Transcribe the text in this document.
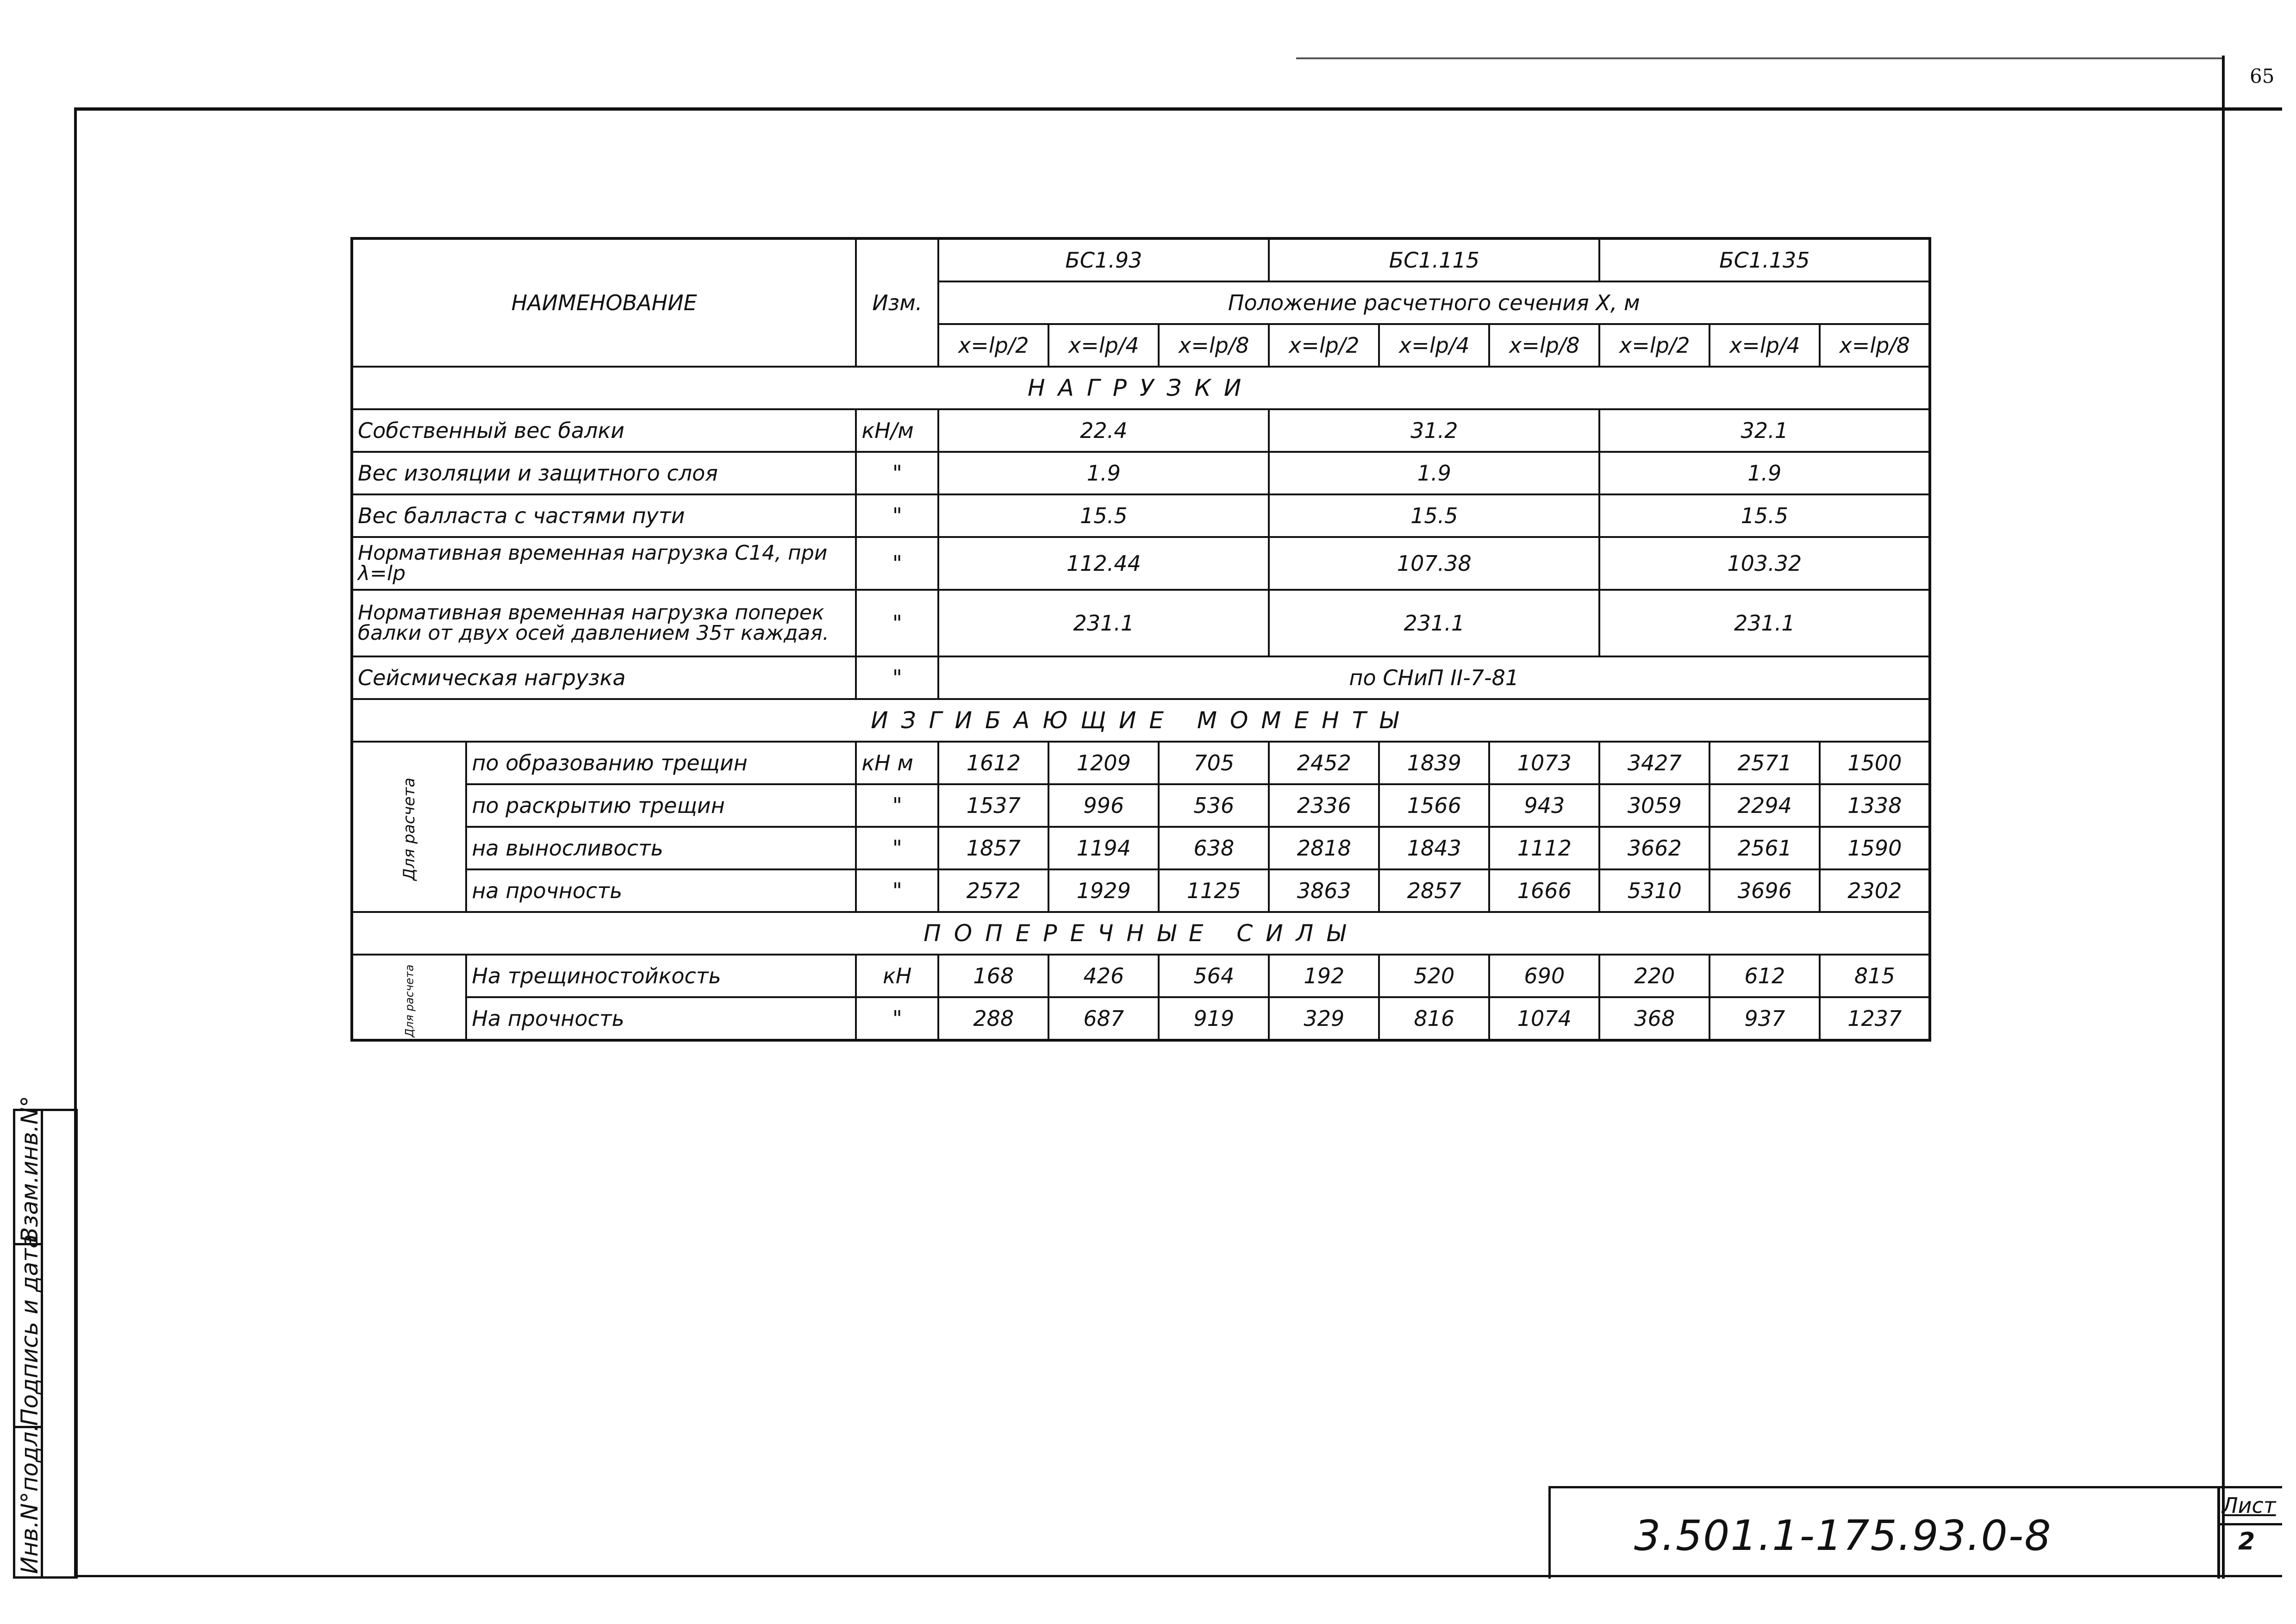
65
Взам.инв.N°
Подпись и дата
Инв.N°подл.
НАИМЕНОВАНИЕ		Изм.	БС1.93			БС1.115			БС1.135		
			Положение расчетного сечения X, м								
			x=lр/2	x=lр/4	x=lр/8	x=lр/2	x=lр/4	x=lр/8	x=lр/2	x=lр/4	x=lр/8
НАГРУЗКИ											
Собственный вес балки		кН/м	22.4			31.2			32.1		
Вес изоляции и защитного слоя		"	1.9			1.9			1.9		
Вес балласта с частями пути		"	15.5			15.5			15.5		
Нормативная временная нагрузка С14, при λ=lр		"	112.44			107.38			103.32		
Нормативная временная нагрузка поперек балки от двух осей давлением 35т каждая.		"	231.1			231.1			231.1		
Сейсмическая нагрузка		"	по СНиП II-7-81								
ИЗГИБАЮЩИЕ МОМЕНТЫ											
Для расчета	по образованию трещин	кН м	1612	1209	705	2452	1839	1073	3427	2571	1500
	по раскрытию трещин	"	1537	996	536	2336	1566	943	3059	2294	1338
	на выносливость	"	1857	1194	638	2818	1843	1112	3662	2561	1590
	на прочность	"	2572	1929	1125	3863	2857	1666	5310	3696	2302
ПОПЕРЕЧНЫЕ СИЛЫ											
Для расчета	На трещиностойкость	кН	168	426	564	192	520	690	220	612	815
	На прочность	"	288	687	919	329	816	1074	368	937	1237
3.501.1-175.93.0-8
Лист
2
